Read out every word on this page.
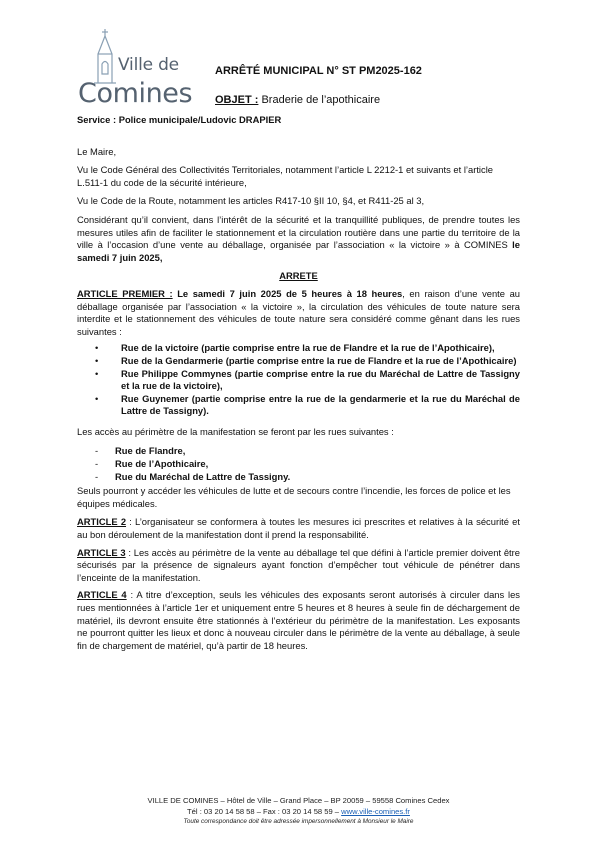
Ville de
Comines
ARRÊTÉ MUNICIPAL N° ST PM2025-162
OBJET : Braderie de l’apothicaire

Service : Police municipale/Ludovic DRAPIER

Le Maire,

Vu le Code Général des Collectivités Territoriales, notamment l’article L 2212-1 et suivants et l’article L.511-1 du code de la sécurité intérieure,

Vu le Code de la Route, notamment les articles R417-10 §II 10, §4, et R411-25 al 3,

Considérant qu’il convient, dans l’intérêt de la sécurité et la tranquillité publiques, de prendre toutes les mesures utiles afin de faciliter le stationnement et la circulation routière dans une partie du territoire de la ville à l’occasion d’une vente au déballage, organisée par l’association « la victoire » à COMINES le samedi 7 juin 2025,

ARRETE

ARTICLE PREMIER : Le samedi 7 juin 2025 de 5 heures à 18 heures, en raison d’une vente au déballage organisée par l’association « la victoire », la circulation des véhicules de toute nature sera interdite et le stationnement des véhicules de toute nature sera considéré comme gênant dans les rues suivantes :

• Rue de la victoire (partie comprise entre la rue de Flandre et la rue de l’Apothicaire),
• Rue de la Gendarmerie (partie comprise entre la rue de Flandre et la rue de l’Apothicaire)
• Rue Philippe Commynes (partie comprise entre la rue du Maréchal de Lattre de Tassigny et la rue de la victoire),
• Rue Guynemer (partie comprise entre la rue de la gendarmerie et la rue du Maréchal de Lattre de Tassigny).

Les accès au périmètre de la manifestation se feront par les rues suivantes :

- Rue de Flandre,
- Rue de l’Apothicaire,
- Rue du Maréchal de Lattre de Tassigny.

Seuls pourront y accéder les véhicules de lutte et de secours contre l’incendie, les forces de police et les équipes médicales.

ARTICLE 2 : L’organisateur se conformera à toutes les mesures ici prescrites et relatives à la sécurité et au bon déroulement de la manifestation dont il prend la responsabilité.

ARTICLE 3 : Les accès au périmètre de la vente au déballage tel que défini à l’article premier doivent être sécurisés par la présence de signaleurs ayant fonction d’empêcher tout véhicule de pénétrer dans l’enceinte de la manifestation.

ARTICLE 4 : A titre d’exception, seuls les véhicules des exposants seront autorisés à circuler dans les rues mentionnées à l’article 1er et uniquement entre 5 heures et 8 heures à seule fin de déchargement de matériel, ils devront ensuite être stationnés à l’extérieur du périmètre de la manifestation. Les exposants ne pourront quitter les lieux et donc à nouveau circuler dans le périmètre de la vente au déballage, à seule fin de chargement de matériel, qu’à partir de 18 heures.

VILLE DE COMINES – Hôtel de Ville – Grand Place – BP 20059 – 59558 Comines Cedex
Tél : 03 20 14 58 58 – Fax : 03 20 14 58 59 – www.ville-comines.fr
Toute correspondance doit être adressée impersonnellement à Monsieur le Maire
